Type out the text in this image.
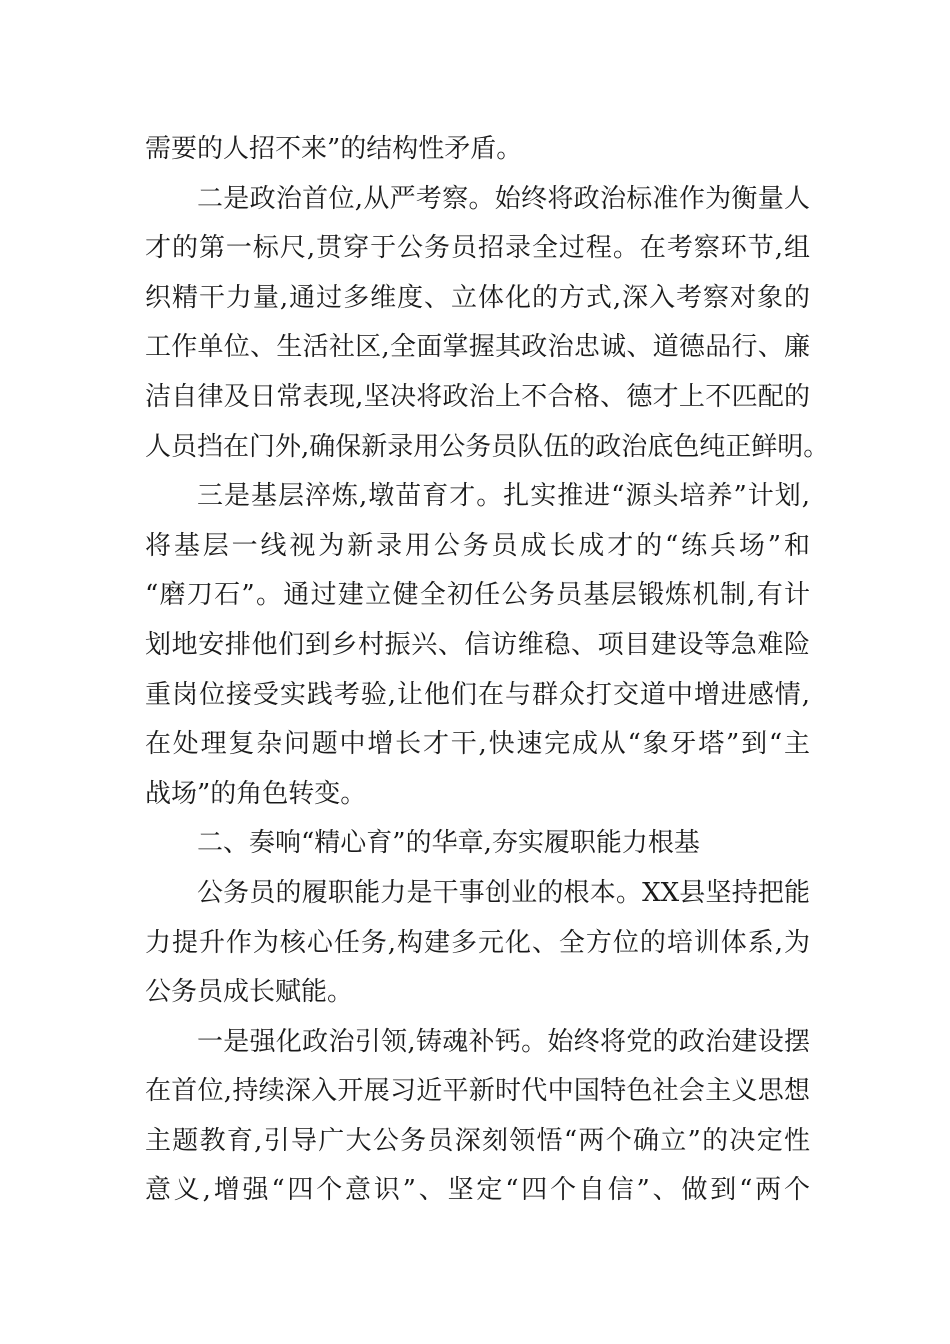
需要的人招不来”的结构性矛盾。
二是政治首位,从严考察。始终将政治标准作为衡量人
才的第一标尺,贯穿于公务员招录全过程。在考察环节,组
织精干力量,通过多维度、立体化的方式,深入考察对象的
工作单位、生活社区,全面掌握其政治忠诚、道德品行、廉
洁自律及日常表现,坚决将政治上不合格、德才上不匹配的
人员挡在门外,确保新录用公务员队伍的政治底色纯正鲜明。
三是基层淬炼,墩苗育才。扎实推进“源头培养”计划,
将基层一线视为新录用公务员成长成才的“练兵场”和
“磨刀石”。通过建立健全初任公务员基层锻炼机制,有计
划地安排他们到乡村振兴、信访维稳、项目建设等急难险
重岗位接受实践考验,让他们在与群众打交道中增进感情,
在处理复杂问题中增长才干,快速完成从“象牙塔”到“主
战场”的角色转变。
二、奏响“精心育”的华章,夯实履职能力根基
公务员的履职能力是干事创业的根本。XX县坚持把能
力提升作为核心任务,构建多元化、全方位的培训体系,为
公务员成长赋能。
一是强化政治引领,铸魂补钙。始终将党的政治建设摆
在首位,持续深入开展习近平新时代中国特色社会主义思想
主题教育,引导广大公务员深刻领悟“两个确立”的决定性
意义,增强“四个意识”、坚定“四个自信”、做到“两个
